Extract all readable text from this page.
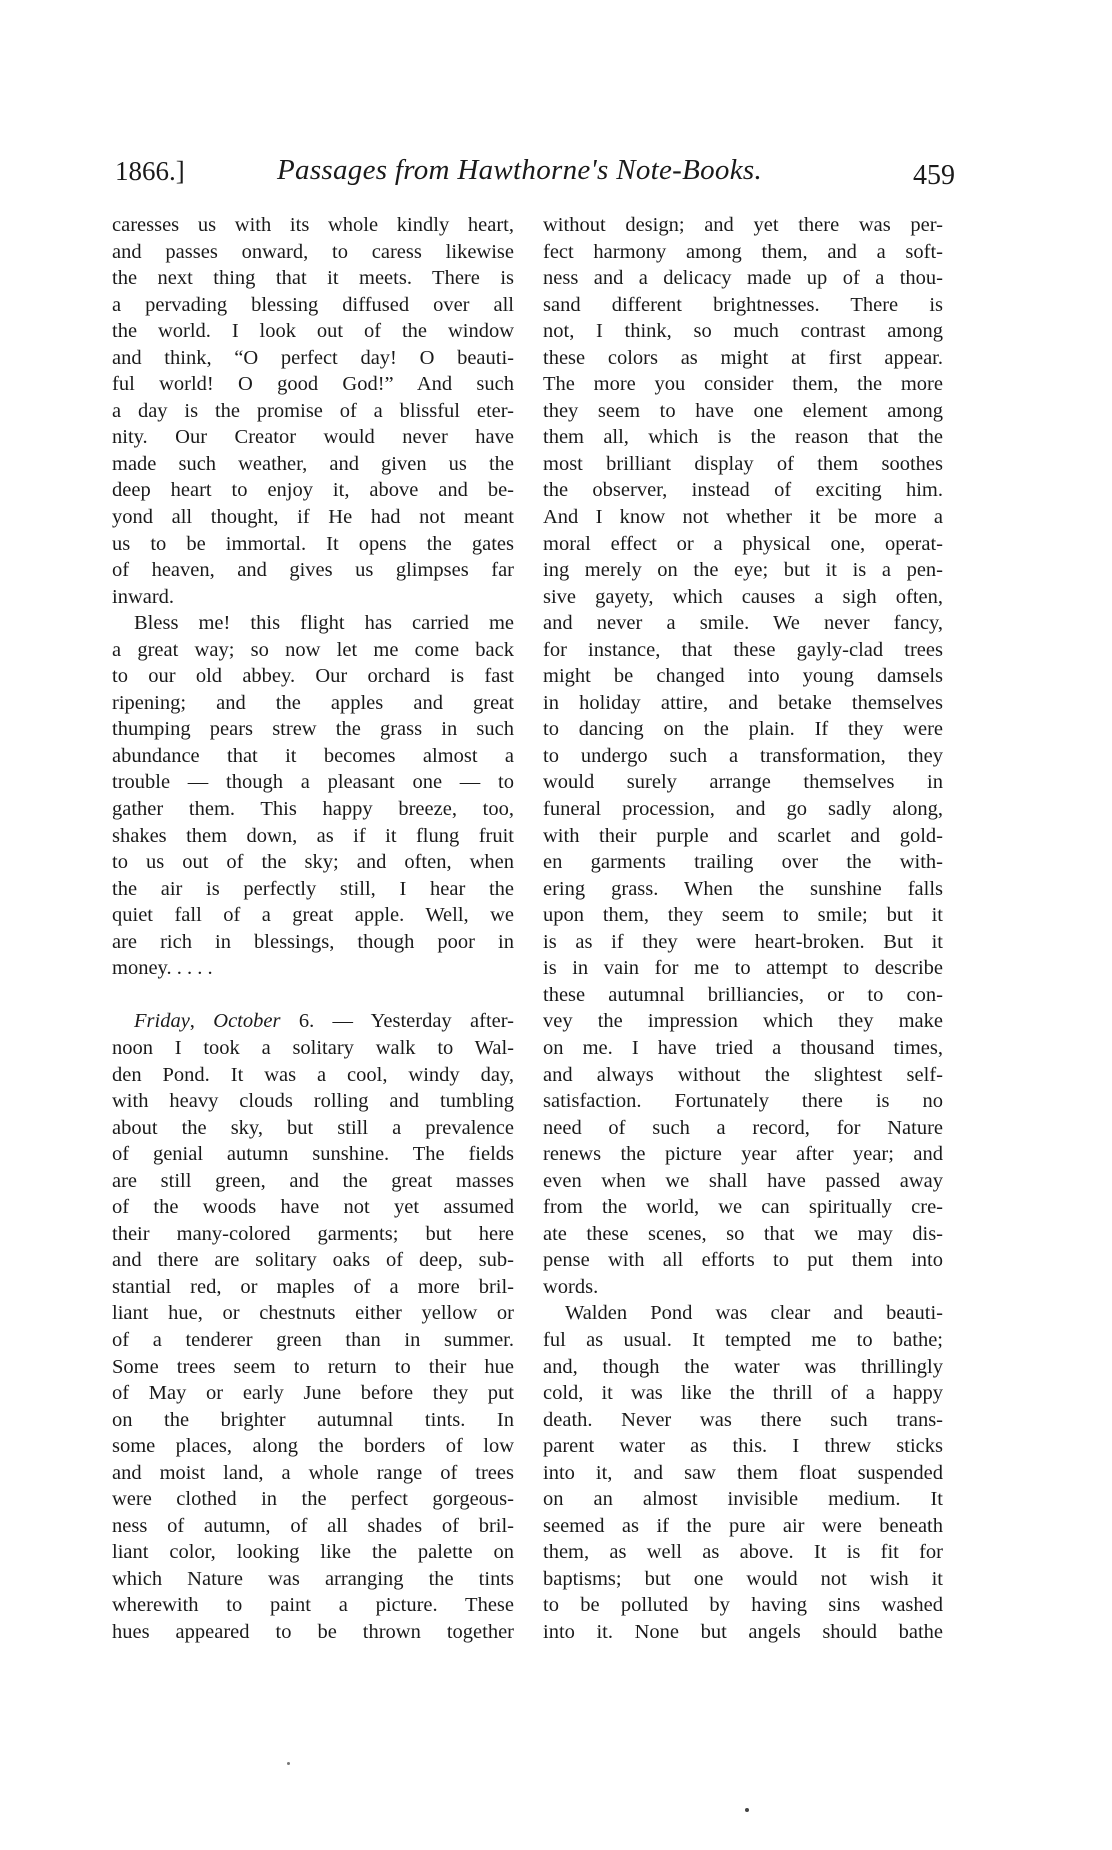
1866.]	Passages from Hawthorne's Note-Books.	459
caresses us with its whole kindly heart,
and passes onward, to caress likewise
the next thing that it meets. There is
a pervading blessing diffused over all
the world. I look out of the window
and think, “O perfect day! O beauti-
ful world! O good God!” And such
a day is the promise of a blissful eter-
nity. Our Creator would never have
made such weather, and given us the
deep heart to enjoy it, above and be-
yond all thought, if He had not meant
us to be immortal. It opens the gates
of heaven, and gives us glimpses far
inward.
Bless me! this flight has carried me
a great way; so now let me come back
to our old abbey. Our orchard is fast
ripening; and the apples and great
thumping pears strew the grass in such
abundance that it becomes almost a
trouble — though a pleasant one — to
gather them. This happy breeze, too,
shakes them down, as if it flung fruit
to us out of the sky; and often, when
the air is perfectly still, I hear the
quiet fall of a great apple. Well, we
are rich in blessings, though poor in
money. . . . .
Friday, October 6. — Yesterday after-
noon I took a solitary walk to Wal-
den Pond. It was a cool, windy day,
with heavy clouds rolling and tumbling
about the sky, but still a prevalence
of genial autumn sunshine. The fields
are still green, and the great masses
of the woods have not yet assumed
their many-colored garments; but here
and there are solitary oaks of deep, sub-
stantial red, or maples of a more bril-
liant hue, or chestnuts either yellow or
of a tenderer green than in summer.
Some trees seem to return to their hue
of May or early June before they put
on the brighter autumnal tints. In
some places, along the borders of low
and moist land, a whole range of trees
were clothed in the perfect gorgeous-
ness of autumn, of all shades of bril-
liant color, looking like the palette on
which Nature was arranging the tints
wherewith to paint a picture. These
hues appeared to be thrown together
without design; and yet there was per-
fect harmony among them, and a soft-
ness and a delicacy made up of a thou-
sand different brightnesses. There is
not, I think, so much contrast among
these colors as might at first appear.
The more you consider them, the more
they seem to have one element among
them all, which is the reason that the
most brilliant display of them soothes
the observer, instead of exciting him.
And I know not whether it be more a
moral effect or a physical one, operat-
ing merely on the eye; but it is a pen-
sive gayety, which causes a sigh often,
and never a smile. We never fancy,
for instance, that these gayly-clad trees
might be changed into young damsels
in holiday attire, and betake themselves
to dancing on the plain. If they were
to undergo such a transformation, they
would surely arrange themselves in
funeral procession, and go sadly along,
with their purple and scarlet and gold-
en garments trailing over the with-
ering grass. When the sunshine falls
upon them, they seem to smile; but it
is as if they were heart-broken. But it
is in vain for me to attempt to describe
these autumnal brilliancies, or to con-
vey the impression which they make
on me. I have tried a thousand times,
and always without the slightest self-
satisfaction. Fortunately there is no
need of such a record, for Nature
renews the picture year after year; and
even when we shall have passed away
from the world, we can spiritually cre-
ate these scenes, so that we may dis-
pense with all efforts to put them into
words.
Walden Pond was clear and beauti-
ful as usual. It tempted me to bathe;
and, though the water was thrillingly
cold, it was like the thrill of a happy
death. Never was there such trans-
parent water as this. I threw sticks
into it, and saw them float suspended
on an almost invisible medium. It
seemed as if the pure air were beneath
them, as well as above. It is fit for
baptisms; but one would not wish it
to be polluted by having sins washed
into it. None but angels should bathe
